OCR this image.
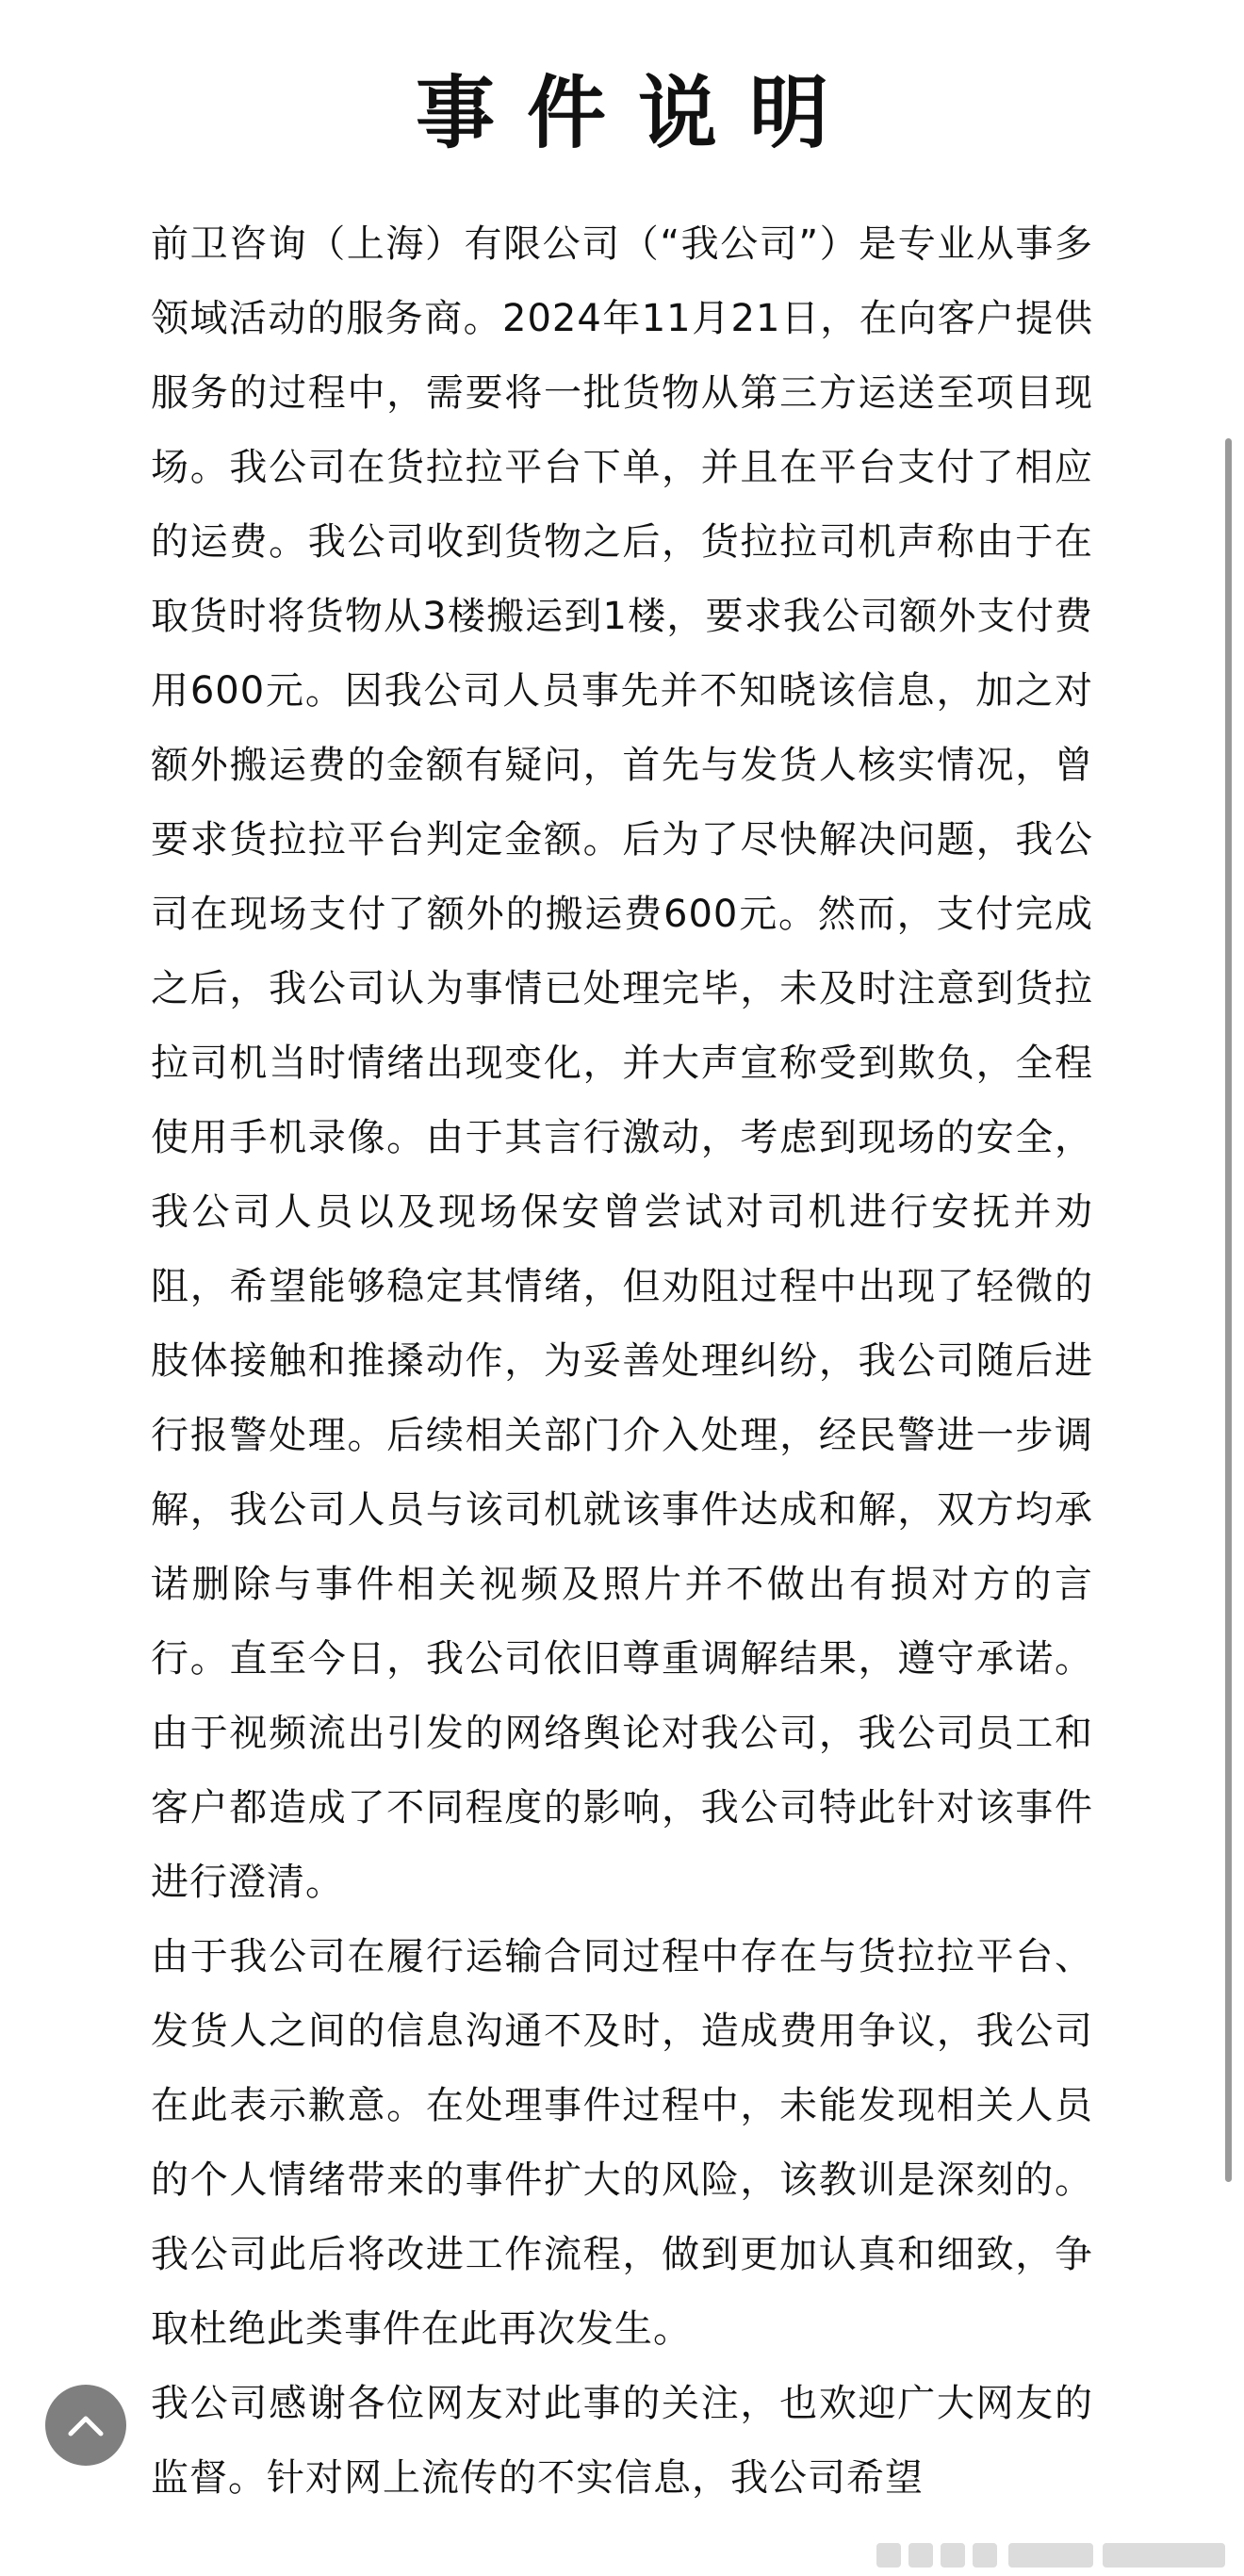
事件说明

前卫咨询（上海）有限公司（“我公司”）是专业从事多领域活动的服务商。2024年11月21日，在向客户提供服务的过程中，需要将一批货物从第三方运送至项目现场。我公司在货拉拉平台下单，并且在平台支付了相应的运费。我公司收到货物之后，货拉拉司机声称由于在取货时将货物从3楼搬运到1楼，要求我公司额外支付费用600元。因我公司人员事先并不知晓该信息，加之对额外搬运费的金额有疑问，首先与发货人核实情况，曾要求货拉拉平台判定金额。后为了尽快解决问题，我公司在现场支付了额外的搬运费600元。然而，支付完成之后，我公司认为事情已处理完毕，未及时注意到货拉拉司机当时情绪出现变化，并大声宣称受到欺负，全程使用手机录像。由于其言行激动，考虑到现场的安全，我公司人员以及现场保安曾尝试对司机进行安抚并劝阻，希望能够稳定其情绪，但劝阻过程中出现了轻微的肢体接触和推搡动作，为妥善处理纠纷，我公司随后进行报警处理。后续相关部门介入处理，经民警进一步调解，我公司人员与该司机就该事件达成和解，双方均承诺删除与事件相关视频及照片并不做出有损对方的言行。直至今日，我公司依旧尊重调解结果，遵守承诺。由于视频流出引发的网络舆论对我公司，我公司员工和客户都造成了不同程度的影响，我公司特此针对该事件进行澄清。

由于我公司在履行运输合同过程中存在与货拉拉平台、发货人之间的信息沟通不及时，造成费用争议，我公司在此表示歉意。在处理事件过程中，未能发现相关人员的个人情绪带来的事件扩大的风险，该教训是深刻的。我公司此后将改进工作流程，做到更加认真和细致，争取杜绝此类事件在此再次发生。

我公司感谢各位网友对此事的关注，也欢迎广大网友的监督。针对网上流传的不实信息，我公司希望
